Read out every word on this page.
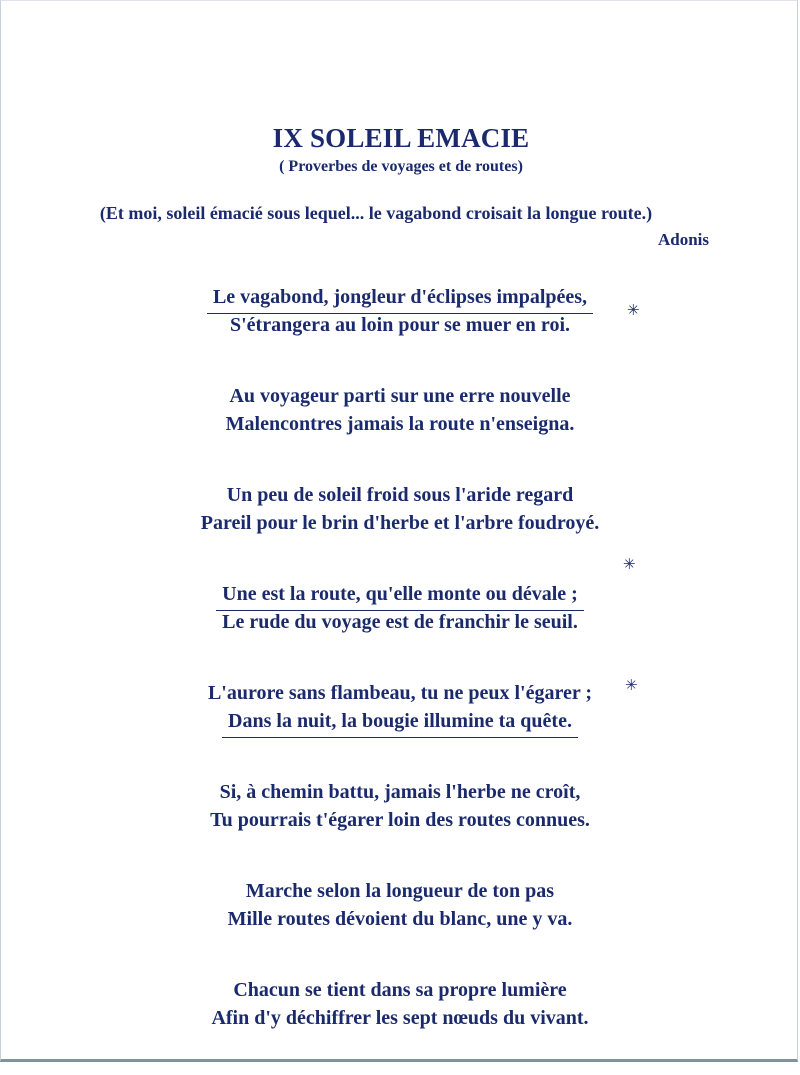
IX SOLEIL EMACIE
( Proverbes de voyages et de routes)
(Et moi, soleil émacié sous lequel... le vagabond croisait la longue route.)
Adonis
Le vagabond, jongleur d'éclipses impalpées,
S'étrangera au loin pour se muer en roi.
Au voyageur parti sur une erre nouvelle
Malencontres jamais la route n'enseigna.
Un peu de soleil froid sous l'aride regard
Pareil pour le brin d'herbe et l'arbre foudroyé.
Une est la route, qu'elle monte ou dévale ;
Le rude du voyage est de franchir le seuil.
L'aurore sans flambeau, tu ne peux l'égarer ;
Dans la nuit, la bougie illumine ta quête.
Si, à chemin battu, jamais l'herbe ne croît,
Tu pourrais t'égarer loin des routes connues.
Marche selon la longueur de ton pas
Mille routes dévoient du blanc, une y va.
Chacun se tient dans sa propre lumière
Afin d'y déchiffrer les sept nœuds du vivant.
✳
✳
✳
